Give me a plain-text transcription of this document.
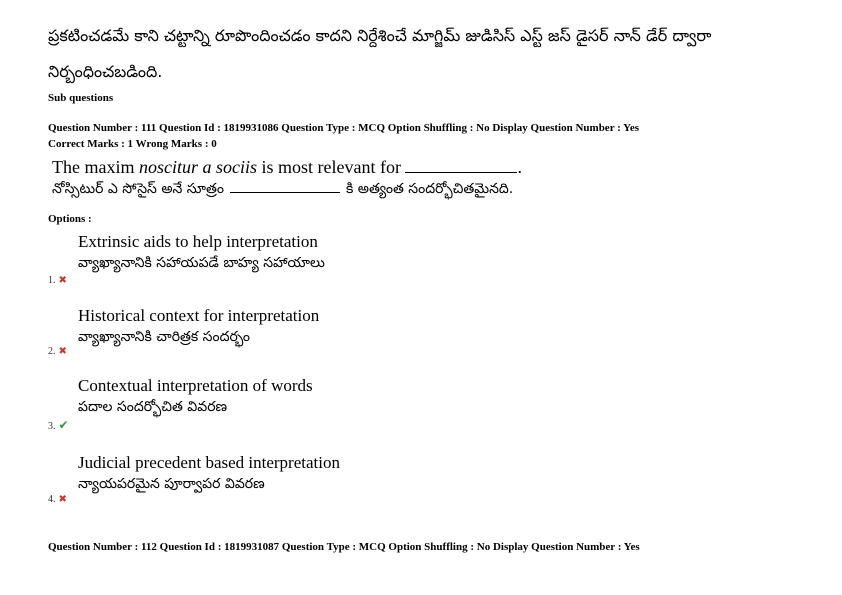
ప్రకటించడమే కాని చట్టాన్ని రూపొందించడం కాదని నిర్దేశించే మాగ్జిమ్ జుడిసిస్ ఎస్ట్ జస్ డైసర్ నాన్ డేర్ ద్వారా
నిర్బంధించబడింది.
Sub questions
Question Number : 111 Question Id : 1819931086 Question Type : MCQ Option Shuffling : No Display Question Number : Yes
Correct Marks : 1 Wrong Marks : 0
The maxim noscitur a sociis is most relevant for	.
నోస్సిటుర్ ఎ సోసైస్ అనే సూత్రం	కి అత్యంత సందర్భోచితమైనది.
Options :
Extrinsic aids to help interpretation
వ్యాఖ్యానానికి సహాయపడే బాహ్య సహాయాలు
1. ✖
Historical context for interpretation
వ్యాఖ్యానానికి చారిత్రక సందర్భం
2. ✖
Contextual interpretation of words
పదాల సందర్భోచిత వివరణ
3. ✔
Judicial precedent based interpretation
న్యాయపరమైన పూర్వాపర వివరణ
4. ✖
Question Number : 112 Question Id : 1819931087 Question Type : MCQ Option Shuffling : No Display Question Number : Yes
